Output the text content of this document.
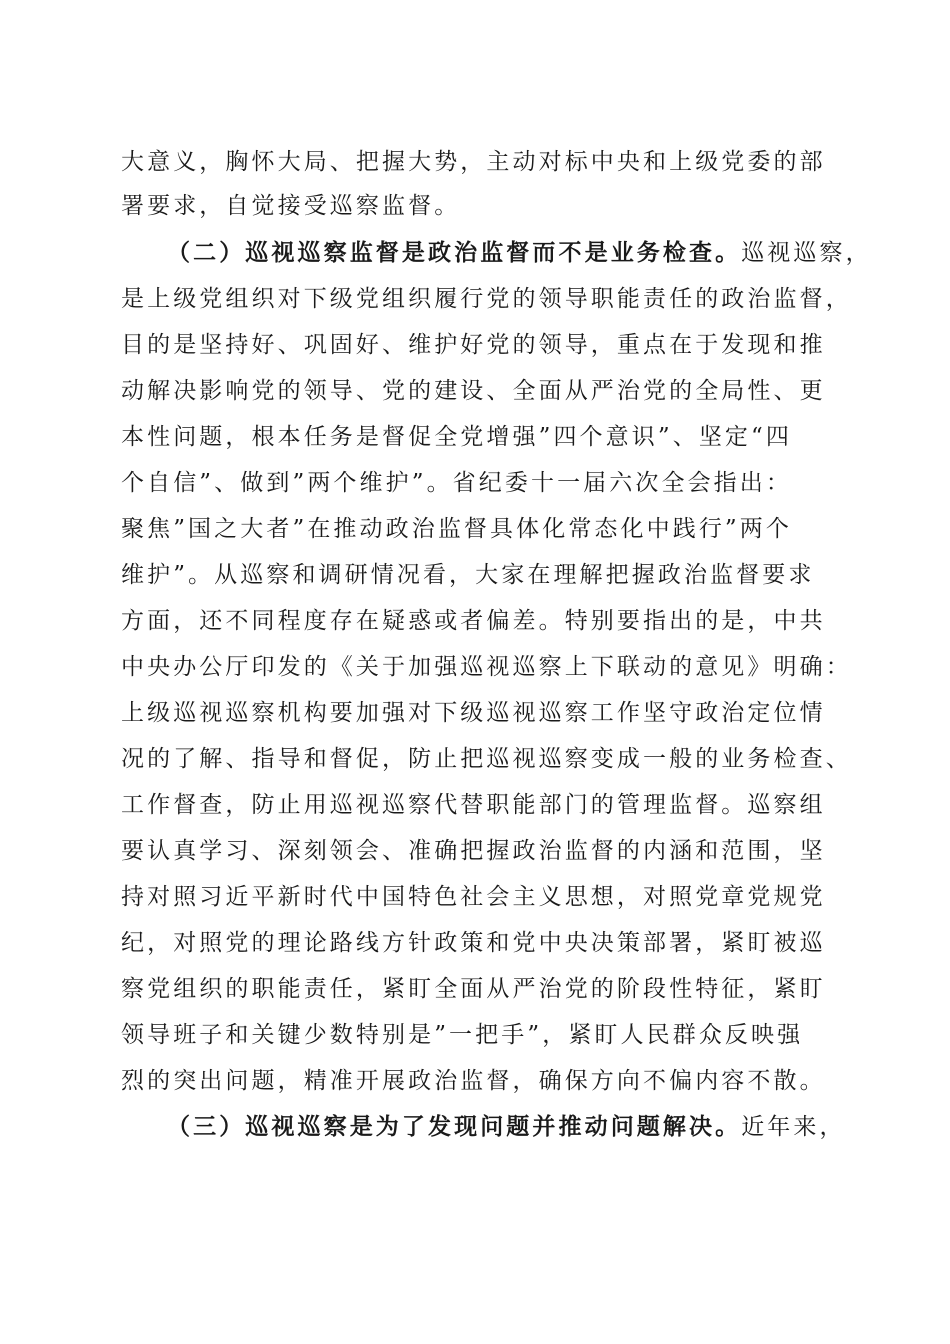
大意义，胸怀大局、把握大势，主动对标中央和上级党委的部
署要求，自觉接受巡察监督。
（二）巡视巡察监督是政治监督而不是业务检查。巡视巡察，
是上级党组织对下级党组织履行党的领导职能责任的政治监督，
目的是坚持好、巩固好、维护好党的领导，重点在于发现和推
动解决影响党的领导、党的建设、全面从严治党的全局性、更
本性问题，根本任务是督促全党增强”四个意识”、坚定“四
个自信”、做到”两个维护”。省纪委十一届六次全会指出：
聚焦”国之大者”在推动政治监督具体化常态化中践行”两个
维护”。从巡察和调研情况看，大家在理解把握政治监督要求
方面，还不同程度存在疑惑或者偏差。特别要指出的是，中共
中央办公厅印发的《关于加强巡视巡察上下联动的意见》明确：
上级巡视巡察机构要加强对下级巡视巡察工作坚守政治定位情
况的了解、指导和督促，防止把巡视巡察变成一般的业务检查、
工作督查，防止用巡视巡察代替职能部门的管理监督。巡察组
要认真学习、深刻领会、准确把握政治监督的内涵和范围，坚
持对照习近平新时代中国特色社会主义思想，对照党章党规党
纪，对照党的理论路线方针政策和党中央决策部署，紧盯被巡
察党组织的职能责任，紧盯全面从严治党的阶段性特征，紧盯
领导班子和关键少数特别是”一把手”，紧盯人民群众反映强
烈的突出问题，精准开展政治监督，确保方向不偏内容不散。
（三）巡视巡察是为了发现问题并推动问题解决。近年来，
